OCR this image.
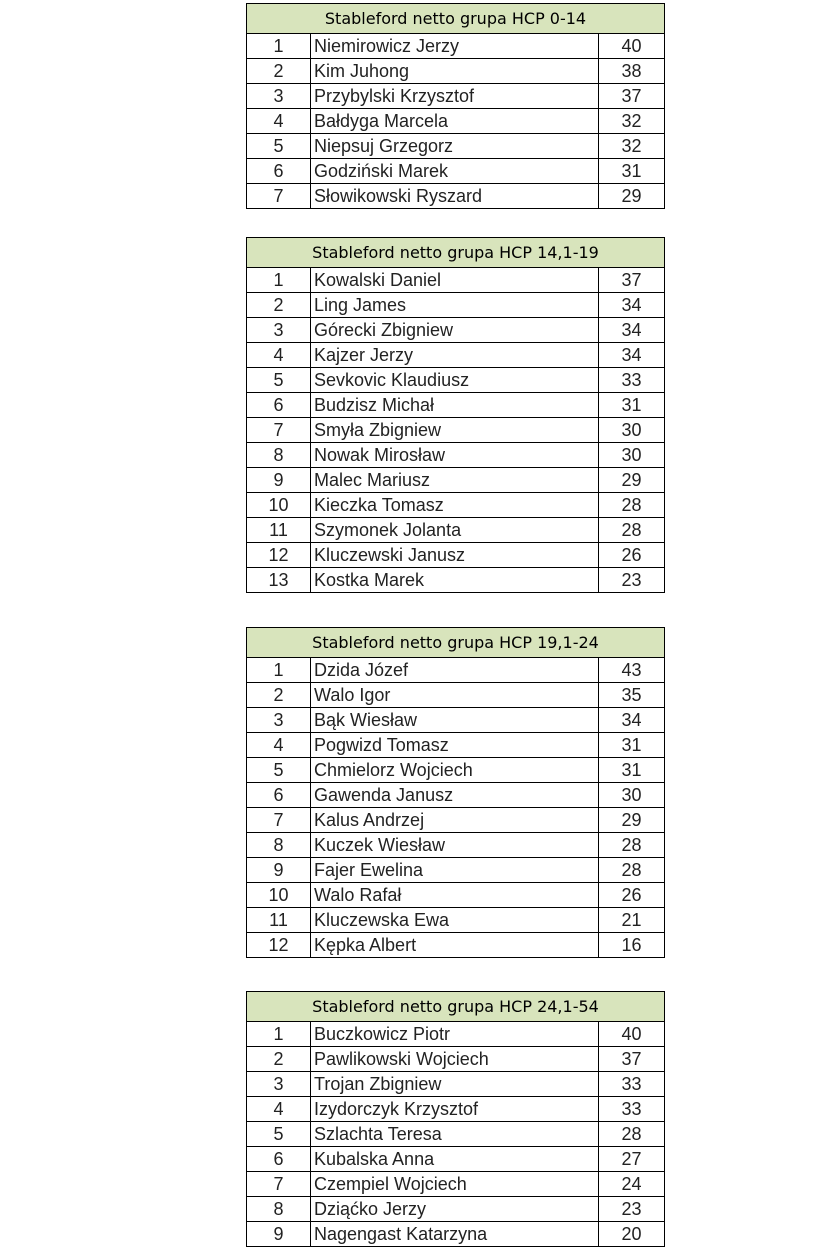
Stableford netto grupa HCP 0-14		
1	Niemirowicz Jerzy	40
2	Kim Juhong	38
3	Przybylski Krzysztof	37
4	Bałdyga Marcela	32
5	Niepsuj Grzegorz	32
6	Godziński Marek	31
7	Słowikowski Ryszard	29
Stableford netto grupa HCP 14,1-19		
1	Kowalski Daniel	37
2	Ling James	34
3	Górecki Zbigniew	34
4	Kajzer Jerzy	34
5	Sevkovic Klaudiusz	33
6	Budzisz Michał	31
7	Smyła Zbigniew	30
8	Nowak Mirosław	30
9	Malec Mariusz	29
10	Kieczka Tomasz	28
11	Szymonek Jolanta	28
12	Kluczewski Janusz	26
13	Kostka Marek	23
Stableford netto grupa HCP 19,1-24		
1	Dzida Józef	43
2	Walo Igor	35
3	Bąk Wiesław	34
4	Pogwizd Tomasz	31
5	Chmielorz Wojciech	31
6	Gawenda Janusz	30
7	Kalus Andrzej	29
8	Kuczek Wiesław	28
9	Fajer Ewelina	28
10	Walo Rafał	26
11	Kluczewska Ewa	21
12	Kępka Albert	16
Stableford netto grupa HCP 24,1-54		
1	Buczkowicz Piotr	40
2	Pawlikowski Wojciech	37
3	Trojan Zbigniew	33
4	Izydorczyk Krzysztof	33
5	Szlachta Teresa	28
6	Kubalska Anna	27
7	Czempiel Wojciech	24
8	Dziąćko Jerzy	23
9	Nagengast Katarzyna	20
